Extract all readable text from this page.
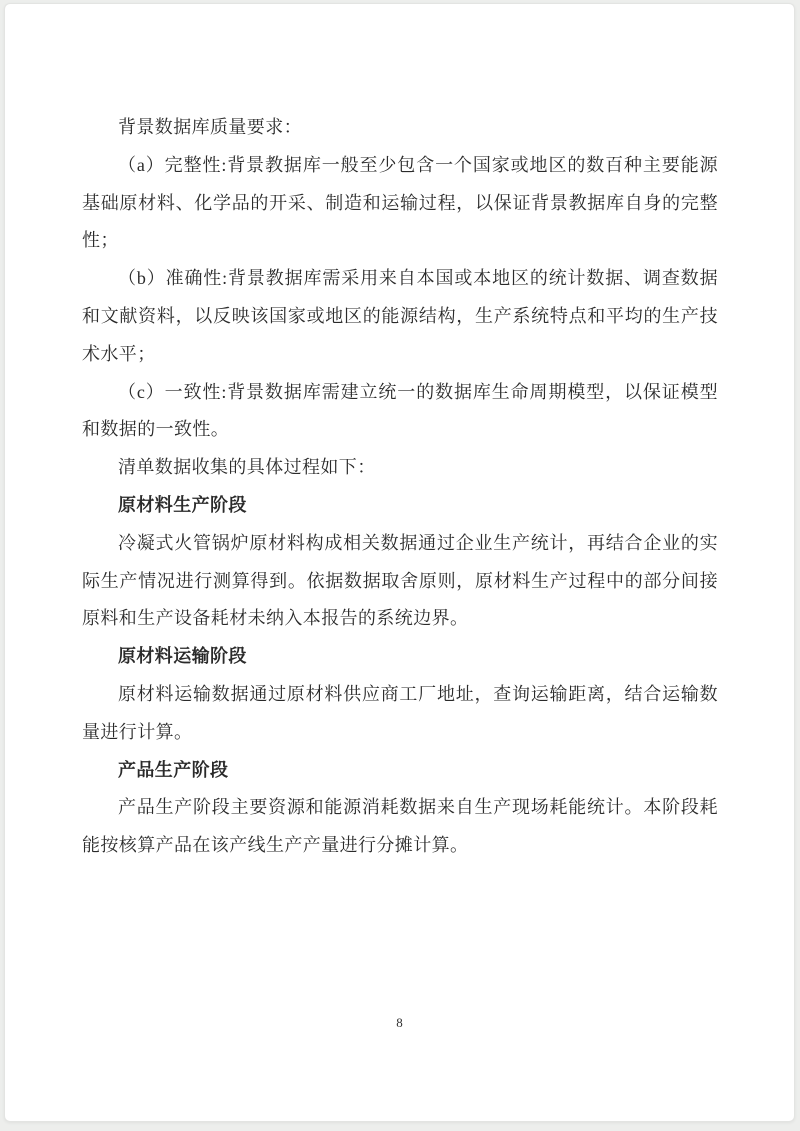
背景数据库质量要求：

（a）完整性:背景教据库一般至少包含一个国家或地区的数百种主要能源基础原材料、化学品的开采、制造和运输过程，以保证背景教据库自身的完整性；

（b）准确性:背景教据库需采用来自本国或本地区的统计数据、调查数据和文献资料，以反映该国家或地区的能源结构，生产系统特点和平均的生产技术水平；

（c）一致性:背景数据库需建立统一的数据库生命周期模型，以保证模型和数据的一致性。

清单数据收集的具体过程如下：

原材料生产阶段

冷凝式火管锅炉原材料构成相关数据通过企业生产统计，再结合企业的实际生产情况进行测算得到。依据数据取舍原则，原材料生产过程中的部分间接原料和生产设备耗材未纳入本报告的系统边界。

原材料运输阶段

原材料运输数据通过原材料供应商工厂地址，查询运输距离，结合运输数量进行计算。

产品生产阶段

产品生产阶段主要资源和能源消耗数据来自生产现场耗能统计。本阶段耗能按核算产品在该产线生产产量进行分摊计算。

8
